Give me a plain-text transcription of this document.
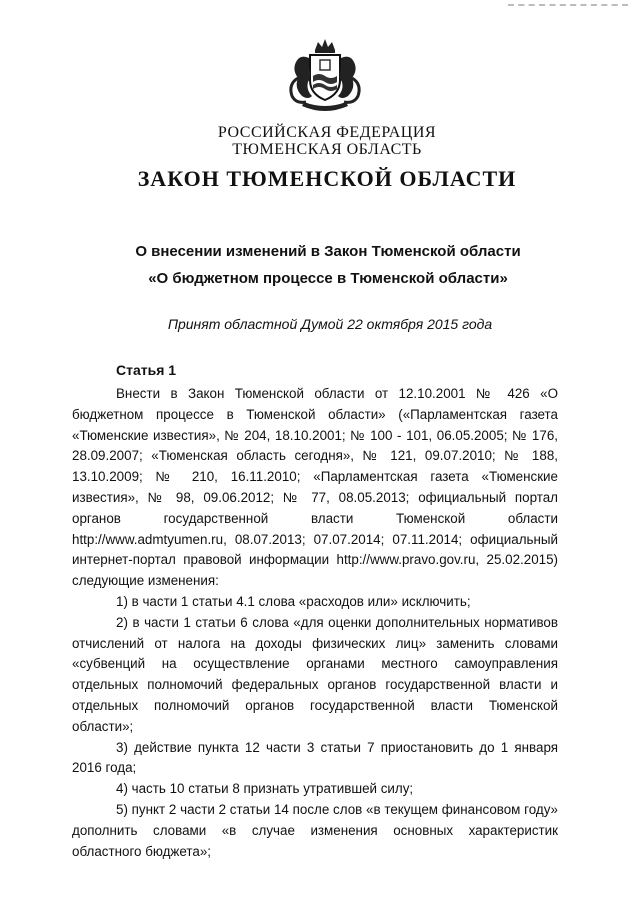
РОССИЙСКАЯ ФЕДЕРАЦИЯ
ТЮМЕНСКАЯ ОБЛАСТЬ
ЗАКОН ТЮМЕНСКОЙ ОБЛАСТИ
О внесении изменений в Закон Тюменской области
«О бюджетном процессе в Тюменской области»
Принят областной Думой 22 октября 2015 года
Статья 1

Внести в Закон Тюменской области от 12.10.2001 № 426 «О бюджетном процессе в Тюменской области» («Парламентская газета «Тюменские известия», № 204, 18.10.2001; № 100 - 101, 06.05.2005; № 176, 28.09.2007; «Тюменская область сегодня», № 121, 09.07.2010; № 188, 13.10.2009; № 210, 16.11.2010; «Парламентская газета «Тюменские известия», № 98, 09.06.2012; № 77, 08.05.2013; официальный портал органов государственной власти Тюменской области http://www.admtyumen.ru, 08.07.2013; 07.07.2014; 07.11.2014; официальный интернет-портал правовой информации http://www.pravo.gov.ru, 25.02.2015) следующие изменения:

1) в части 1 статьи 4.1 слова «расходов или» исключить;

2) в части 1 статьи 6 слова «для оценки дополнительных нормативов отчислений от налога на доходы физических лиц» заменить словами «субвенций на осуществление органами местного самоуправления отдельных полномочий федеральных органов государственной власти и отдельных полномочий органов государственной власти Тюменской области»;

3) действие пункта 12 части 3 статьи 7 приостановить до 1 января 2016 года;

4) часть 10 статьи 8 признать утратившей силу;

5) пункт 2 части 2 статьи 14 после слов «в текущем финансовом году» дополнить словами «в случае изменения основных характеристик областного бюджета»;
